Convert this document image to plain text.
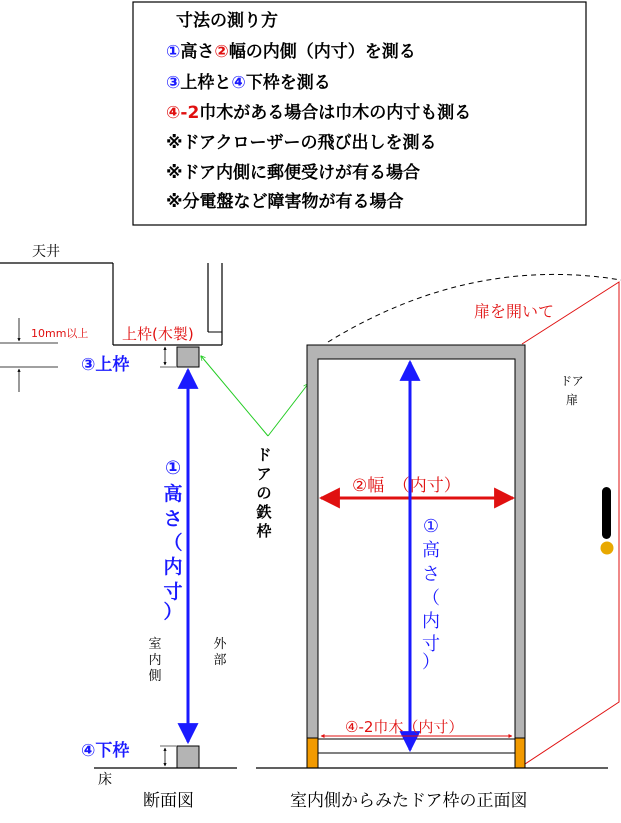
寸法の測り方
①高さ②幅の内側（内寸）を測る
③上枠と④下枠を測る
④-2巾木がある場合は巾木の内寸も測る
※ドアクローザーの飛び出しを測る
※ドア内側に郵便受けが有る場合
※分電盤など障害物が有る場合
天井
10mm以上 上枠(木製)
③上枠
①
高
さ
（
内
寸
）
室
内
側
外
部
④下枠
床
断面図
ド
ア
の
鉄
枠
扉を開いて
ドア
扉
②幅　（内寸）
①
高
さ
（
内
寸
）
④-2巾木（内寸）
室内側からみたドア枠の正面図
